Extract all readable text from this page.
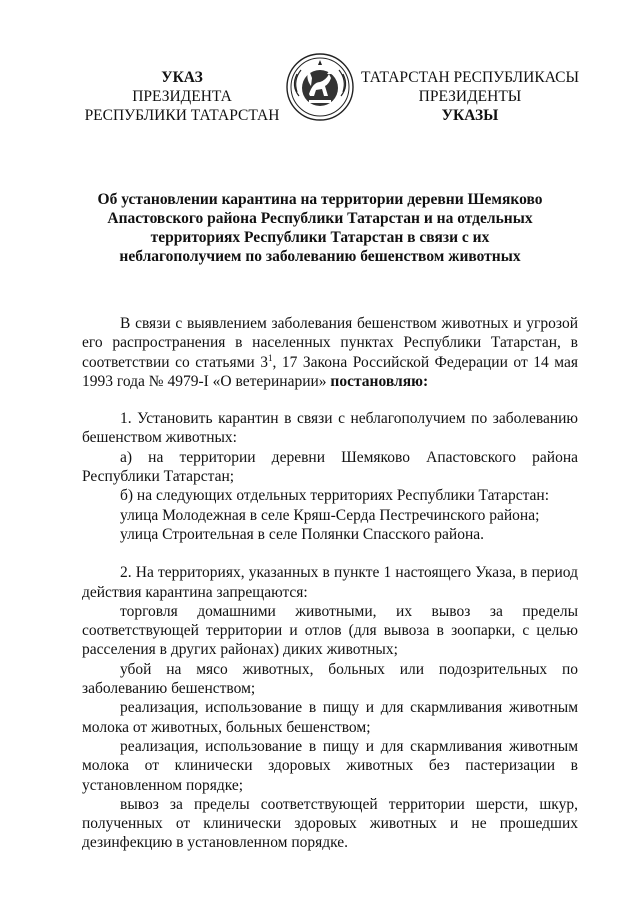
УКАЗ
ПРЕЗИДЕНТА
РЕСПУБЛИКИ ТАТАРСТАН
ТАТАРСТАН РЕСПУБЛИКАСЫ
ПРЕЗИДЕНТЫ
УКАЗЫ
Об установлении карантина на территории деревни Шемяково Апастовского района Республики Татарстан и на отдельных территориях Республики Татарстан в связи с их неблагополучием по заболеванию бешенством животных

В связи с выявлением заболевания бешенством животных и угрозой его распространения в населенных пунктах Республики Татарстан, в соответствии со статьями $3^1$, 17 Закона Российской Федерации от 14 мая 1993 года № 4979-I «О ветеринарии» постановляю:

1. Установить карантин в связи с неблагополучием по заболеванию бешенством животных:

а) на территории деревни Шемяково Апастовского района Республики Татарстан;

б) на следующих отдельных территориях Республики Татарстан:

улица Молодежная в селе Кряш-Серда Пестречинского района;

улица Строительная в селе Полянки Спасского района.

2. На территориях, указанных в пункте 1 настоящего Указа, в период действия карантина запрещаются:

торговля домашними животными, их вывоз за пределы соответствующей территории и отлов (для вывоза в зоопарки, с целью расселения в других районах) диких животных;

убой на мясо животных, больных или подозрительных по заболеванию бешенством;

реализация, использование в пищу и для скармливания животным молока от животных, больных бешенством;

реализация, использование в пищу и для скармливания животным молока от клинически здоровых животных без пастеризации в установленном порядке;

вывоз за пределы соответствующей территории шерсти, шкур, полученных от клинически здоровых животных и не прошедших дезинфекцию в установленном порядке.
